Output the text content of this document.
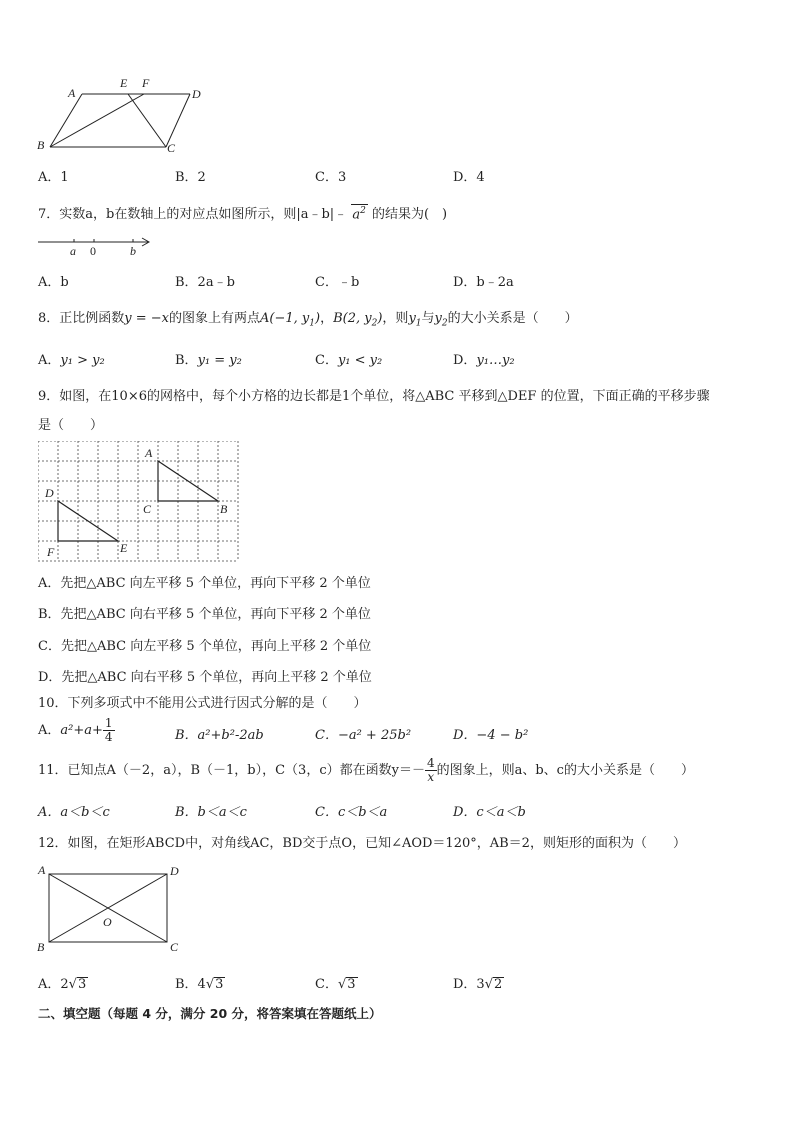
A
E F
D
B	C
A．1	B．2	C．3	D．4
7．实数a，b在数轴上的对应点如图所示，则|a﹣b|﹣ $a^2$ 的结果为(　)
a 0	b
A．b	B．2a﹣b	C．﹣b	D．b﹣2a
8．正比例函数y = −x的图象上有两点A(−1, $y_1$)，B(2, $y_2$)，则$y_1$与$y_2$的大小关系是（　　）
A．y₁ > y₂	B．y₁ = y₂	C．y₁ < y₂	D．y₁…y₂
9．如图，在10×6的网格中，每个小方格的边长都是1个单位，将△ABC 平移到△DEF 的位置，下面正确的平移步骤
是（　　）
A
C	B
D
F	E
A．先把△ABC 向左平移 5 个单位，再向下平移 2 个单位
B．先把△ABC 向右平移 5 个单位，再向下平移 2 个单位
C．先把△ABC 向左平移 5 个单位，再向上平移 2 个单位
D．先把△ABC 向右平移 5 个单位，再向上平移 2 个单位
10．下列多项式中不能用公式进行因式分解的是（　　）
A．$a^2+a+ \frac{1}{4}$	B．a²+b²-2ab	C．−a² + 25b²	D．−4 − b²
11．已知点A（－2，a），B（－1，b），C（3，c）都在函数$y=- \frac{4}{x}$ 的图象上，则a、b、c的大小关系是（　　）
A．a＜b＜c	B．b＜a＜c	C．c＜b＜a	D．c＜a＜b
12．如图，在矩形ABCD中，对角线AC，BD交于点O，已知∠AOD＝120°，AB＝2，则矩形的面积为（　　）
A	D
O
B	C
A．2√3	B．4√3	C．√3	D．3√2
二、填空题（每题 4 分，满分 20 分，将答案填在答题纸上）
